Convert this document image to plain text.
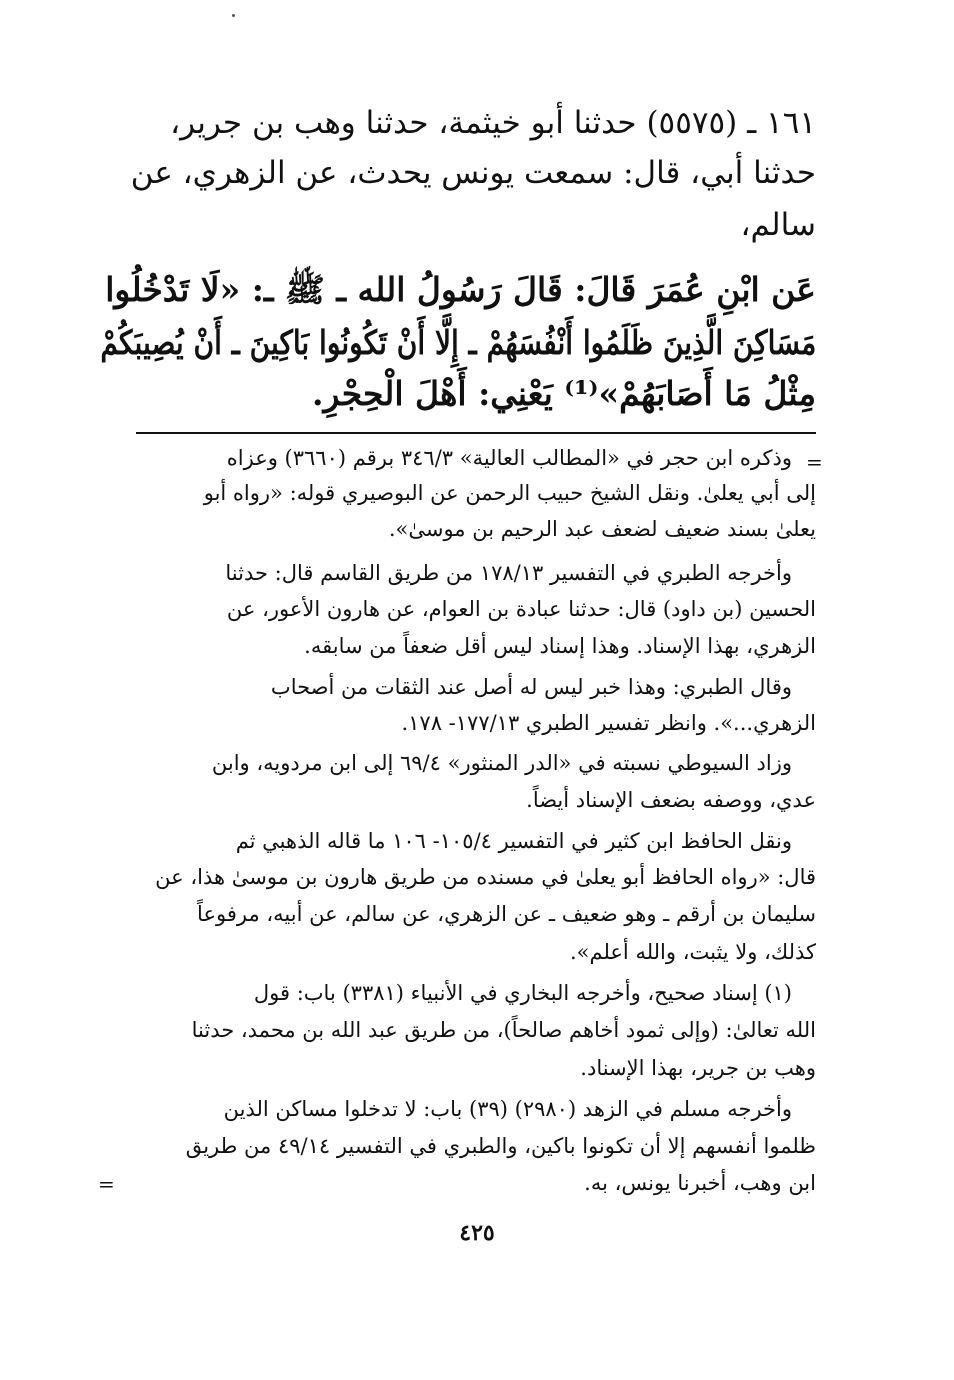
١٦١ ـ (٥٥٧٥) حدثنا أبو خيثمة، حدثنا وهب بن جرير،
حدثنا أبي، قال: سمعت يونس يحدث، عن الزهري، عن
سالم،
عَن ابْنِ عُمَرَ قَالَ: قَالَ رَسُولُ الله ـ ﷺ ـ: «لَا تَدْخُلُوا
مَسَاكِنَ الَّذِينَ ظَلَمُوا أَنْفُسَهُمْ ـ إِلَّا أَنْ تَكُونُوا بَاكِينَ ـ أَنْ يُصِيبَكُمْ
مِثْلُ مَا أَصَابَهُمْ»⁽¹⁾ يَعْنِي: أَهْلَ الْحِجْرِ.
=
وذكره ابن حجر في «المطالب العالية» ٣٤٦/٣ برقم (٣٦٦٠) وعزاه
إلى أبي يعلىٰ. ونقل الشيخ حبيب الرحمن عن البوصيري قوله: «رواه أبو
يعلىٰ بسند ضعيف لضعف عبد الرحيم بن موسىٰ».
وأخرجه الطبري في التفسير ١٧٨/١٣ من طريق القاسم قال: حدثنا
الحسين (بن داود) قال: حدثنا عبادة بن العوام، عن هارون الأعور، عن
الزهري، بهذا الإسناد. وهذا إسناد ليس أقل ضعفاً من سابقه.
وقال الطبري: وهذا خبر ليس له أصل عند الثقات من أصحاب
الزهري...». وانظر تفسير الطبري ١٧٧/١٣- ١٧٨.
وزاد السيوطي نسبته في «الدر المنثور» ٦٩/٤ إلى ابن مردويه، وابن
عدي، ووصفه بضعف الإسناد أيضاً.
ونقل الحافظ ابن كثير في التفسير ١٠٥/٤- ١٠٦ ما قاله الذهبي ثم
قال: «رواه الحافظ أبو يعلىٰ في مسنده من طريق هارون بن موسىٰ هذا، عن
سليمان بن أرقم ـ وهو ضعيف ـ عن الزهري، عن سالم، عن أبيه، مرفوعاً
كذلك، ولا يثبت، والله أعلم».
(١) إسناد صحيح، وأخرجه البخاري في الأنبياء (٣٣٨١) باب: قول
الله تعالىٰ: (وإلى ثمود أخاهم صالحاً)، من طريق عبد الله بن محمد، حدثنا
وهب بن جرير، بهذا الإسناد.
وأخرجه مسلم في الزهد (٢٩٨٠) (٣٩) باب: لا تدخلوا مساكن الذين
ظلموا أنفسهم إلا أن تكونوا باكين، والطبري في التفسير ٤٩/١٤ من طريق
ابن وهب، أخبرنا يونس، به.
=
٤٢٥
